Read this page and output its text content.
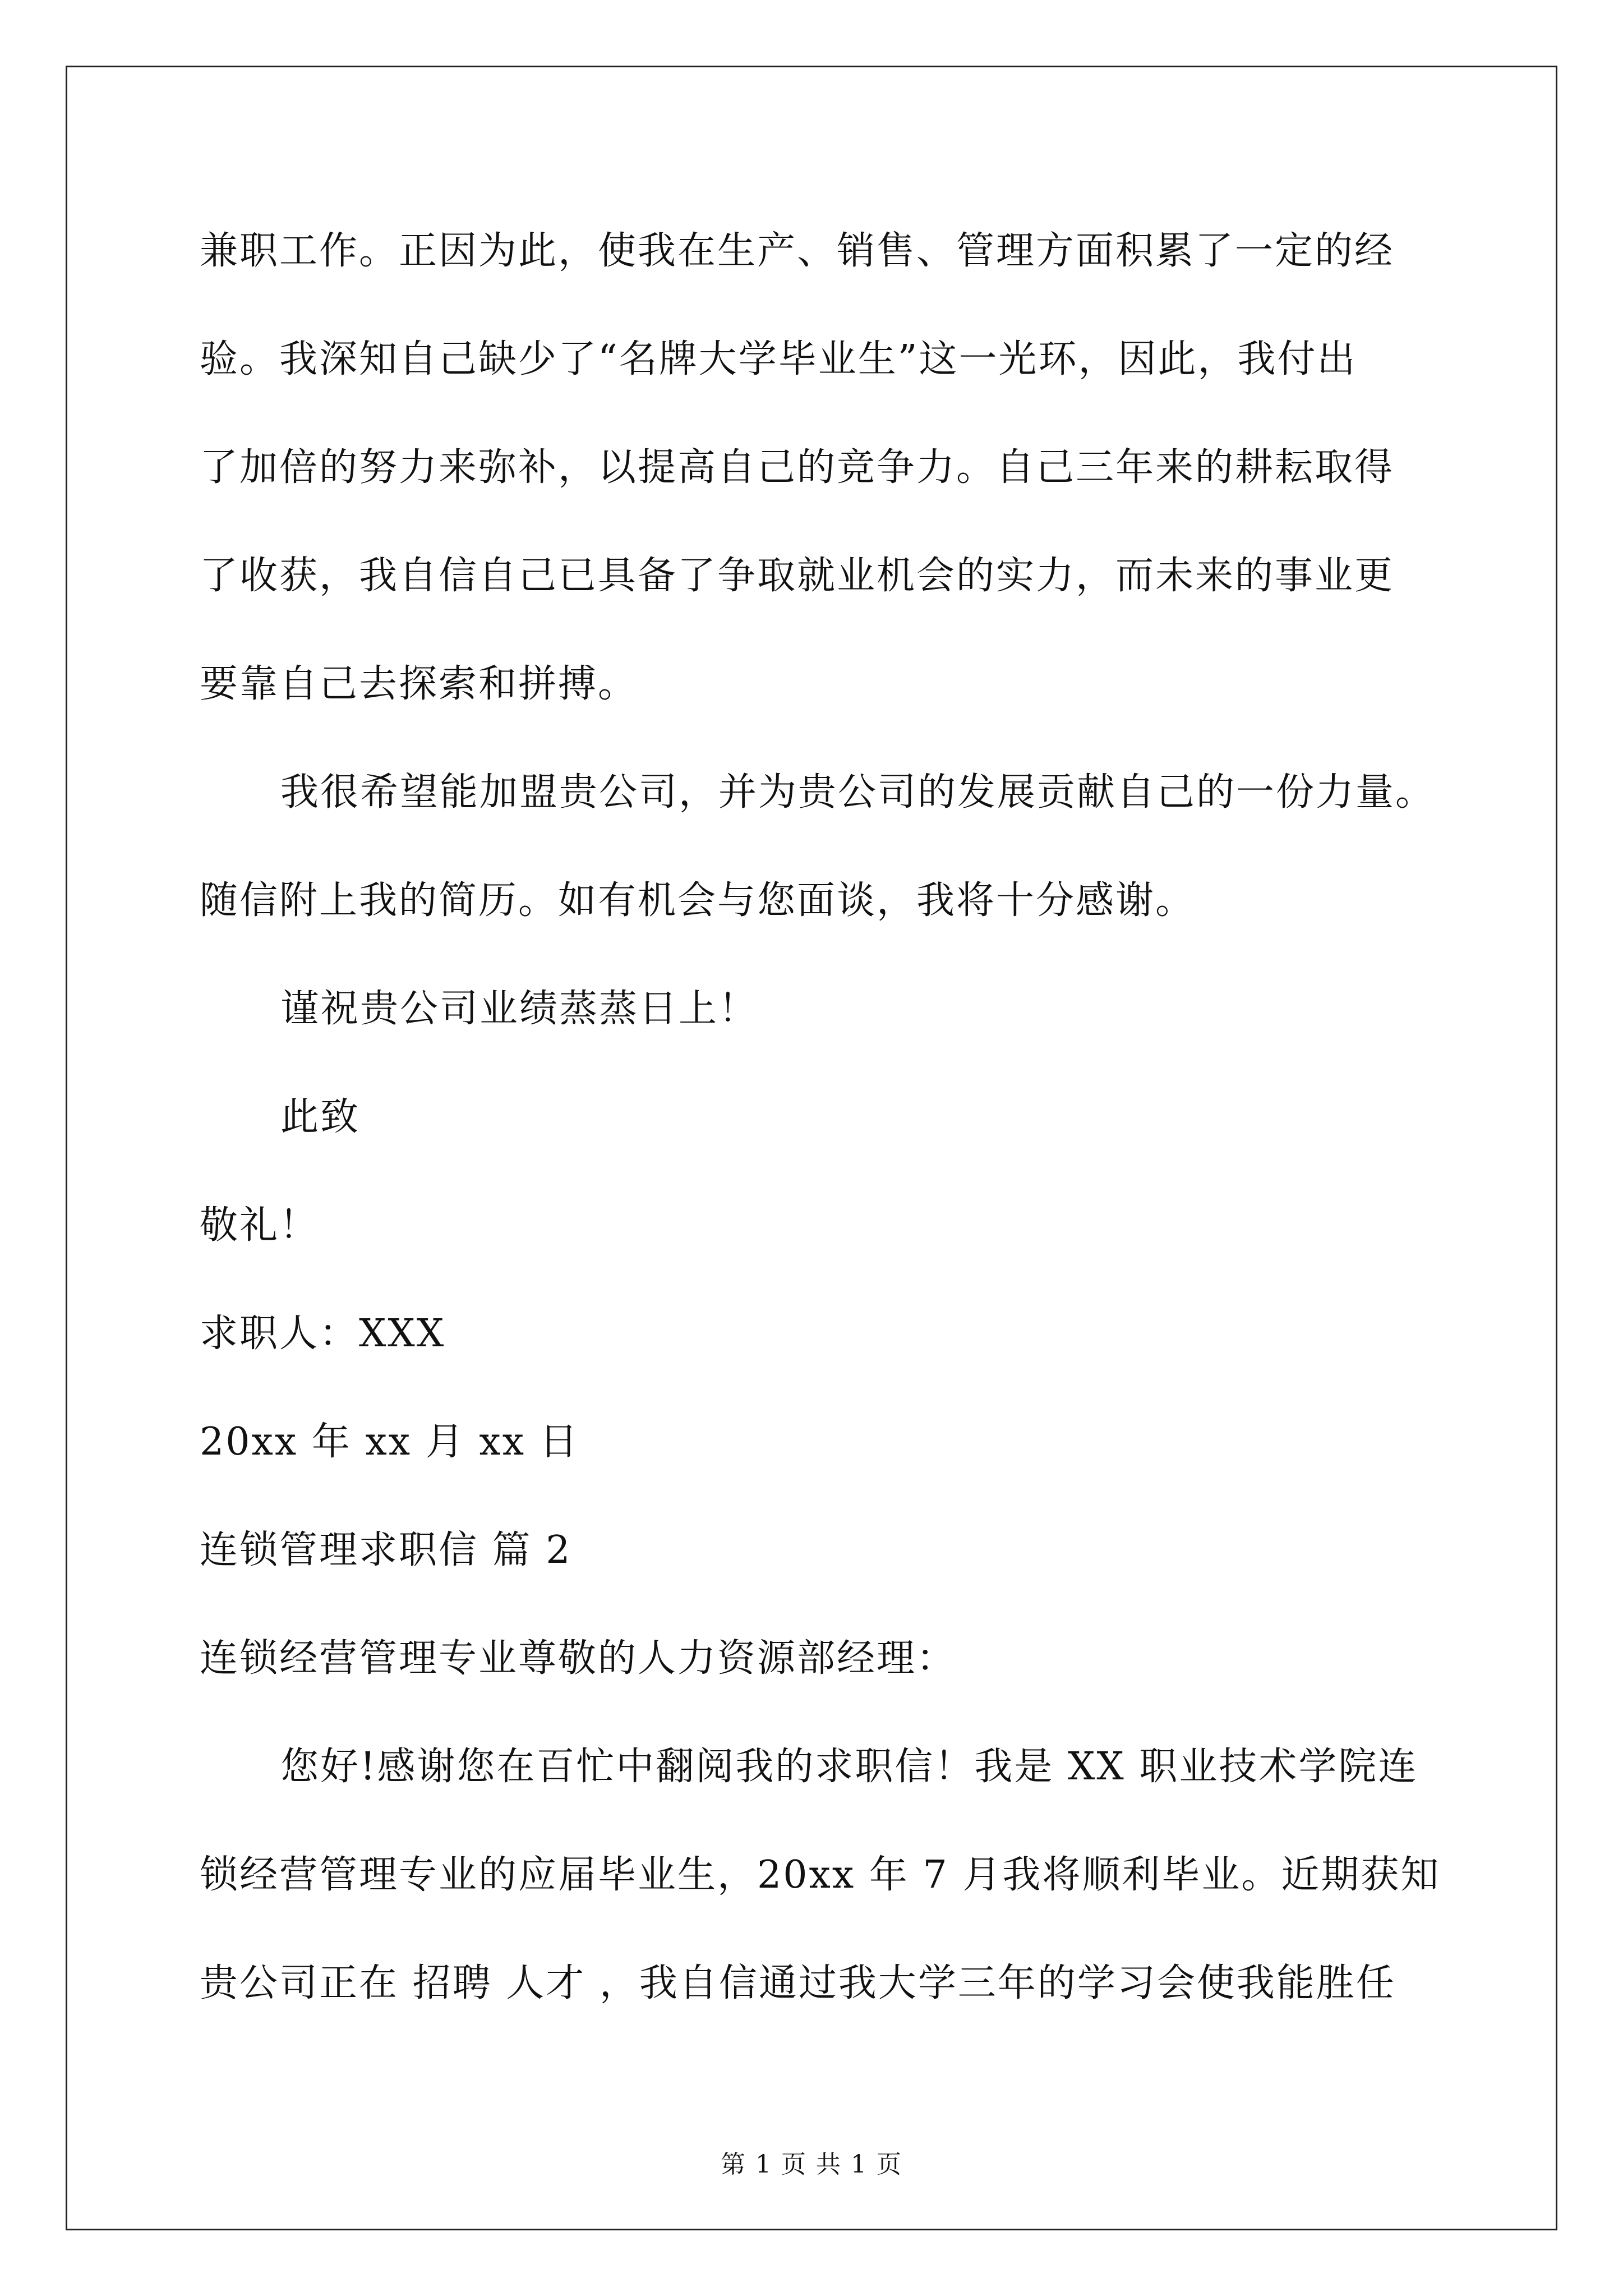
兼职工作。正因为此，使我在生产、销售、管理方面积累了一定的经
验。我深知自己缺少了“名牌大学毕业生”这一光环，因此，我付出
了加倍的努力来弥补，以提高自己的竞争力。自己三年来的耕耘取得
了收获，我自信自己已具备了争取就业机会的实力，而未来的事业更
要靠自己去探索和拼搏。
我很希望能加盟贵公司，并为贵公司的发展贡献自己的一份力量。
随信附上我的简历。如有机会与您面谈，我将十分感谢。
谨祝贵公司业绩蒸蒸日上！
此致
敬礼！
求职人：XXX
20xx 年 xx 月 xx 日
连锁管理求职信 篇 2
连锁经营管理专业尊敬的人力资源部经理：
您好!感谢您在百忙中翻阅我的求职信！我是 XX 职业技术学院连
锁经营管理专业的应届毕业生，20xx 年 7 月我将顺利毕业。近期获知
贵公司正在 招聘 人才 ，我自信通过我大学三年的学习会使我能胜任
第 1 页 共 1 页
